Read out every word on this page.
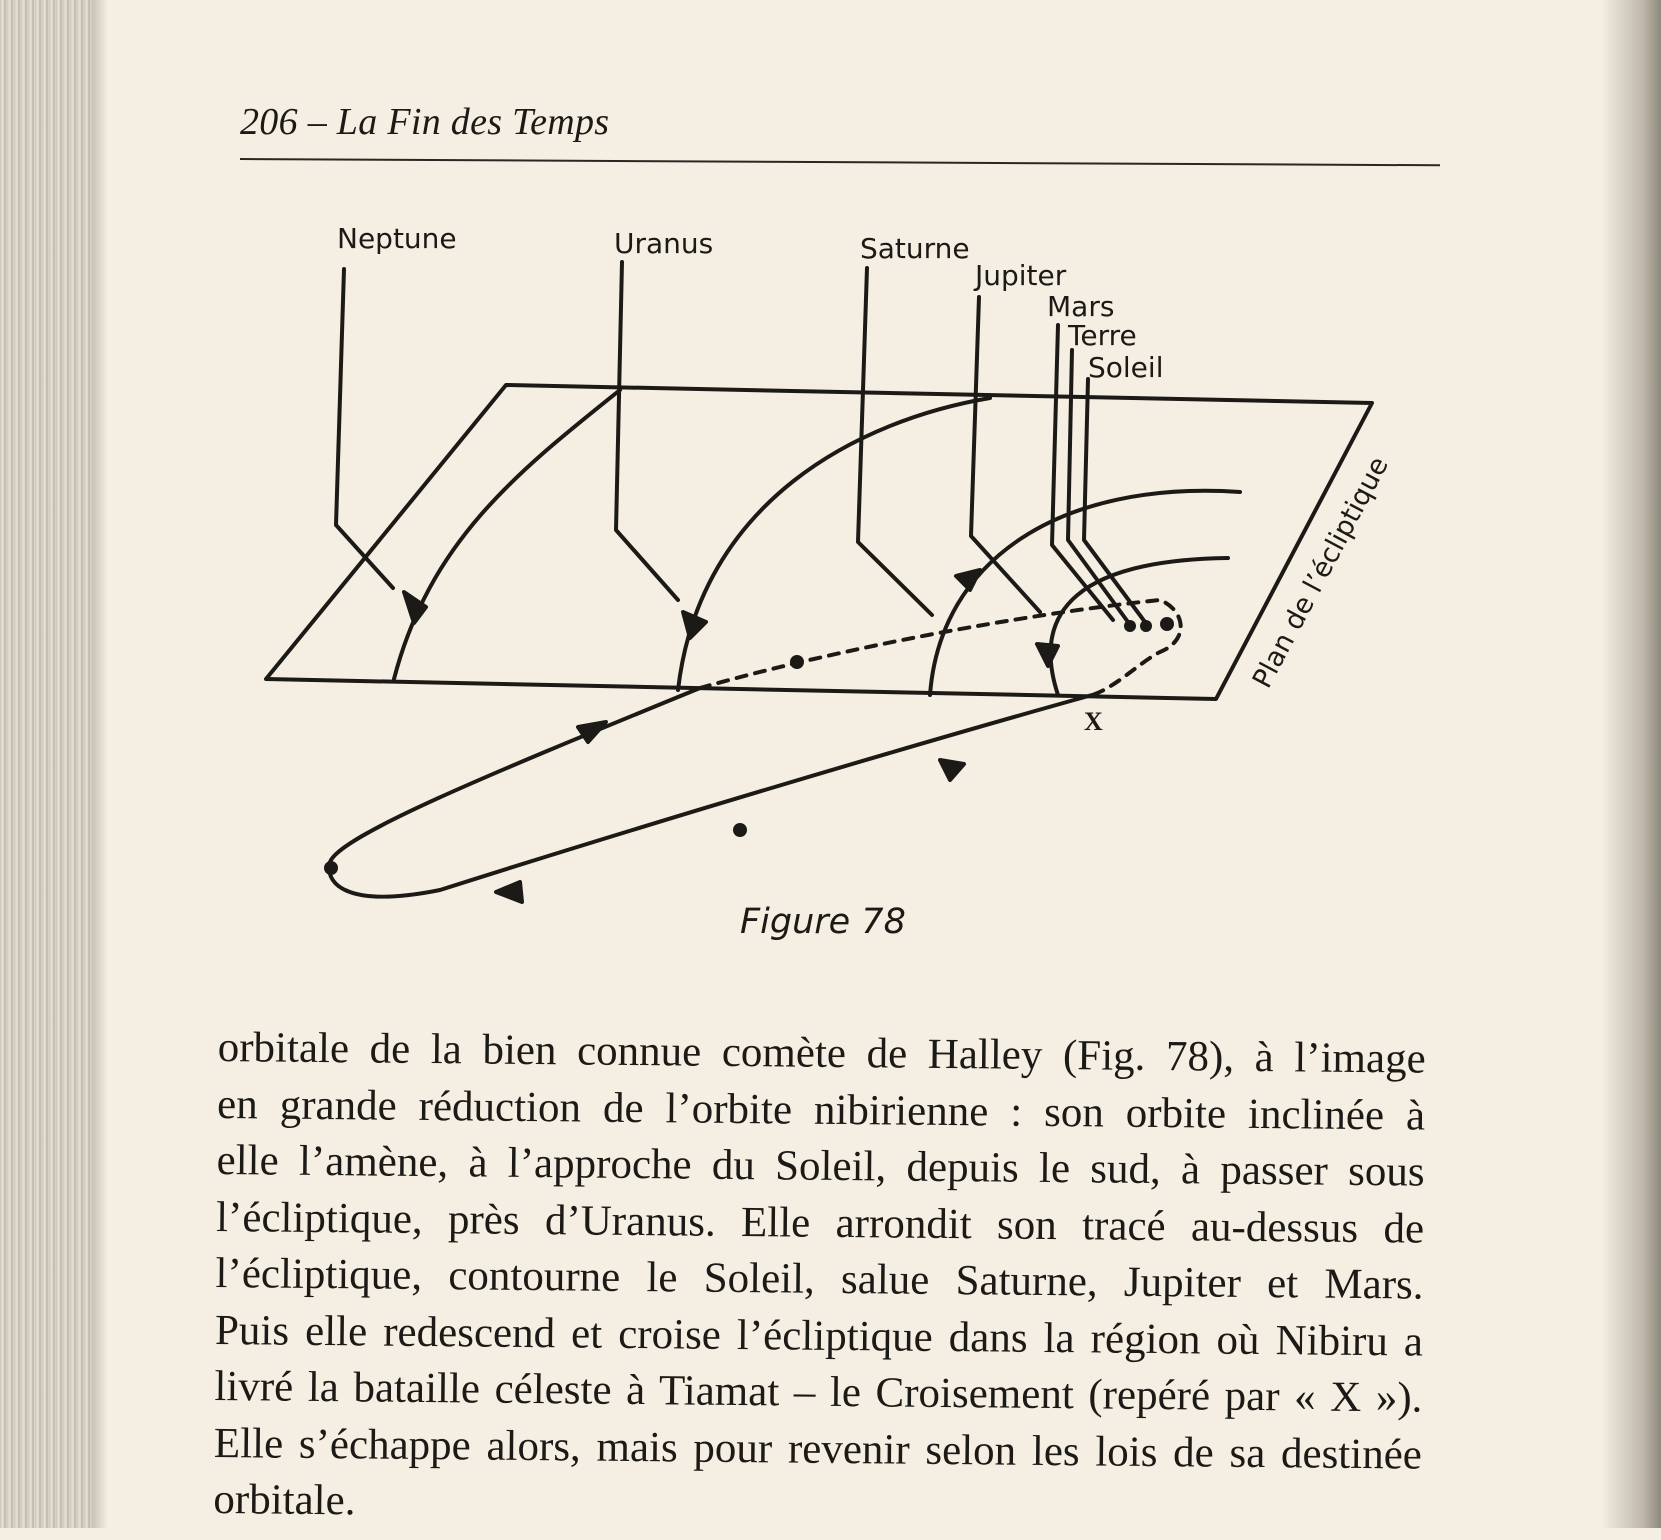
206 – La Fin des Temps
Neptune	Uranus	Saturne
Jupiter
Mars
Terre
Soleil
Plan de l’écliptique
X
Figure 78
orbitale de la bien connue comète de Halley (Fig. 78), à l’image
en grande réduction de l’orbite nibirienne : son orbite inclinée à
elle l’amène, à l’approche du Soleil, depuis le sud, à passer sous
l’écliptique, près d’Uranus. Elle arrondit son tracé au-dessus de
l’écliptique, contourne le Soleil, salue Saturne, Jupiter et Mars.
Puis elle redescend et croise l’écliptique dans la région où Nibiru a
livré la bataille céleste à Tiamat – le Croisement (repéré par « X »).
Elle s’échappe alors, mais pour revenir selon les lois de sa destinée
orbitale.
